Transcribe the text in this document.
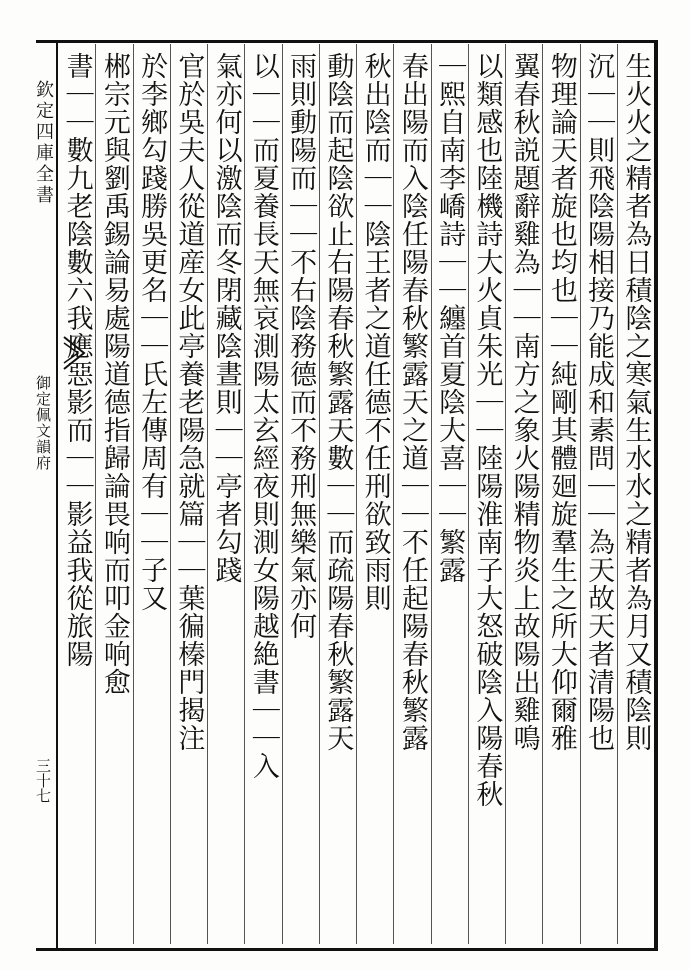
欽定四庫全書
御定佩文韻府
三十七
生火火之精者為日積陰之寒氣生水水之精者為月又積陰則
沉｜｜則飛陰陽相接乃能成和素問｜｜為天故天者清陽也
物理論天者旋也均也｜｜純剛其體廻旋羣生之所大仰爾雅
翼春秋説題辭雞為｜｜南方之象火陽精物炎上故陽出雞鳴
以類感也陸機詩大火貞朱光｜｜陸陽淮南子大怒破陰入陽春秋
｜熙自南李嶠詩｜｜纏首夏陰大喜｜｜繁露
春出陽而入陰任陽春秋繁露天之道｜｜不任起陽春秋繁露
秋出陰而｜｜陰王者之道任德不任刑欲致雨則
動陰而起陰欲止右陽春秋繁露天數｜｜而疏陽春秋繁露天
雨則動陽而｜｜不右陰務德而不務刑無樂氣亦何
以｜｜而夏養長天無哀測陽太玄經夜則測女陽越絶書｜｜入
氣亦何以激陰而冬閉藏陰晝則｜｜亭者勾踐
官於吳夫人從道産女此亭養老陽急就篇｜｜葉徧榛門揭注
於李鄉勾踐勝吳更名｜｜氏左傳周有｜｜子又
郴宗元與劉禹錫論易處陽道德指歸論畏响而叩金响愈
書｜｜數九老陰數六我應惡影而｜｜影益我從旅陽
